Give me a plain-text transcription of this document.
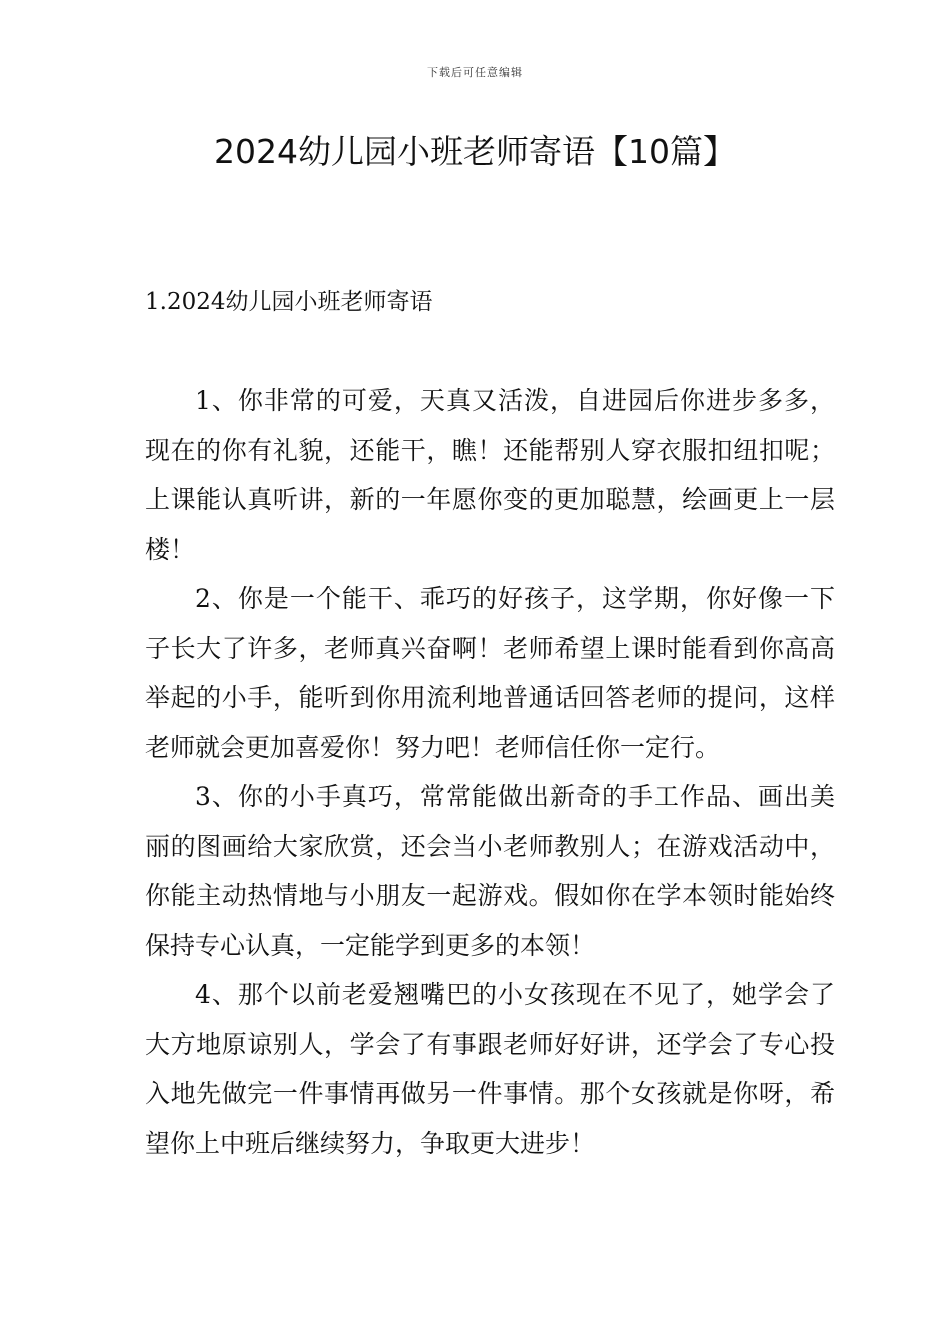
下载后可任意编辑
2024幼儿园小班老师寄语【10篇】
1.2024幼儿园小班老师寄语

1、你非常的可爱，天真又活泼，自进园后你进步多多，现在的你有礼貌，还能干，瞧！还能帮别人穿衣服扣纽扣呢；上课能认真听讲，新的一年愿你变的更加聪慧，绘画更上一层楼！

2、你是一个能干、乖巧的好孩子，这学期，你好像一下子长大了许多，老师真兴奋啊！老师希望上课时能看到你高高举起的小手，能听到你用流利地普通话回答老师的提问，这样老师就会更加喜爱你！努力吧！老师信任你一定行。

3、你的小手真巧，常常能做出新奇的手工作品、画出美丽的图画给大家欣赏，还会当小老师教别人；在游戏活动中，你能主动热情地与小朋友一起游戏。假如你在学本领时能始终保持专心认真，一定能学到更多的本领！

4、那个以前老爱翘嘴巴的小女孩现在不见了，她学会了大方地原谅别人，学会了有事跟老师好好讲，还学会了专心投入地先做完一件事情再做另一件事情。那个女孩就是你呀，希望你上中班后继续努力，争取更大进步！
